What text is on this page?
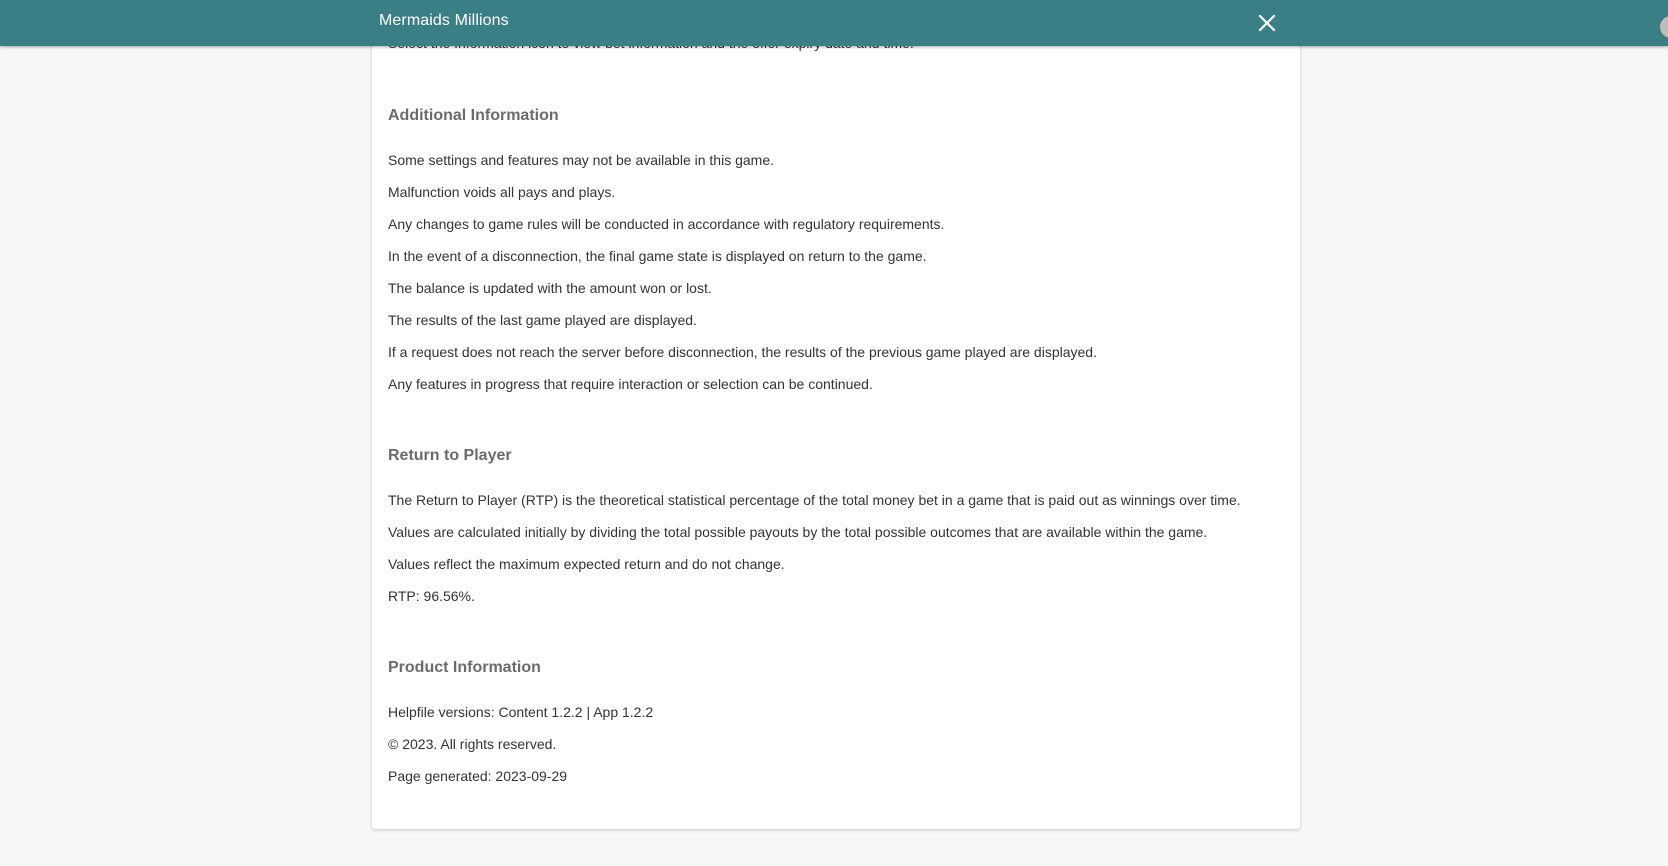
Additional Information

Some settings and features may not be available in this game.

Malfunction voids all pays and plays.

Any changes to game rules will be conducted in accordance with regulatory requirements.

In the event of a disconnection, the final game state is displayed on return to the game.

The balance is updated with the amount won or lost.

The results of the last game played are displayed.

If a request does not reach the server before disconnection, the results of the previous game played are displayed.

Any features in progress that require interaction or selection can be continued.

Return to Player

The Return to Player (RTP) is the theoretical statistical percentage of the total money bet in a game that is paid out as winnings over time.

Values are calculated initially by dividing the total possible payouts by the total possible outcomes that are available within the game.

Values reflect the maximum expected return and do not change.

RTP: 96.56%.

Product Information

Helpfile versions: Content 1.2.2 | App 1.2.2

© 2023. All rights reserved.

Page generated: 2023-09-29

Mermaids Millions
